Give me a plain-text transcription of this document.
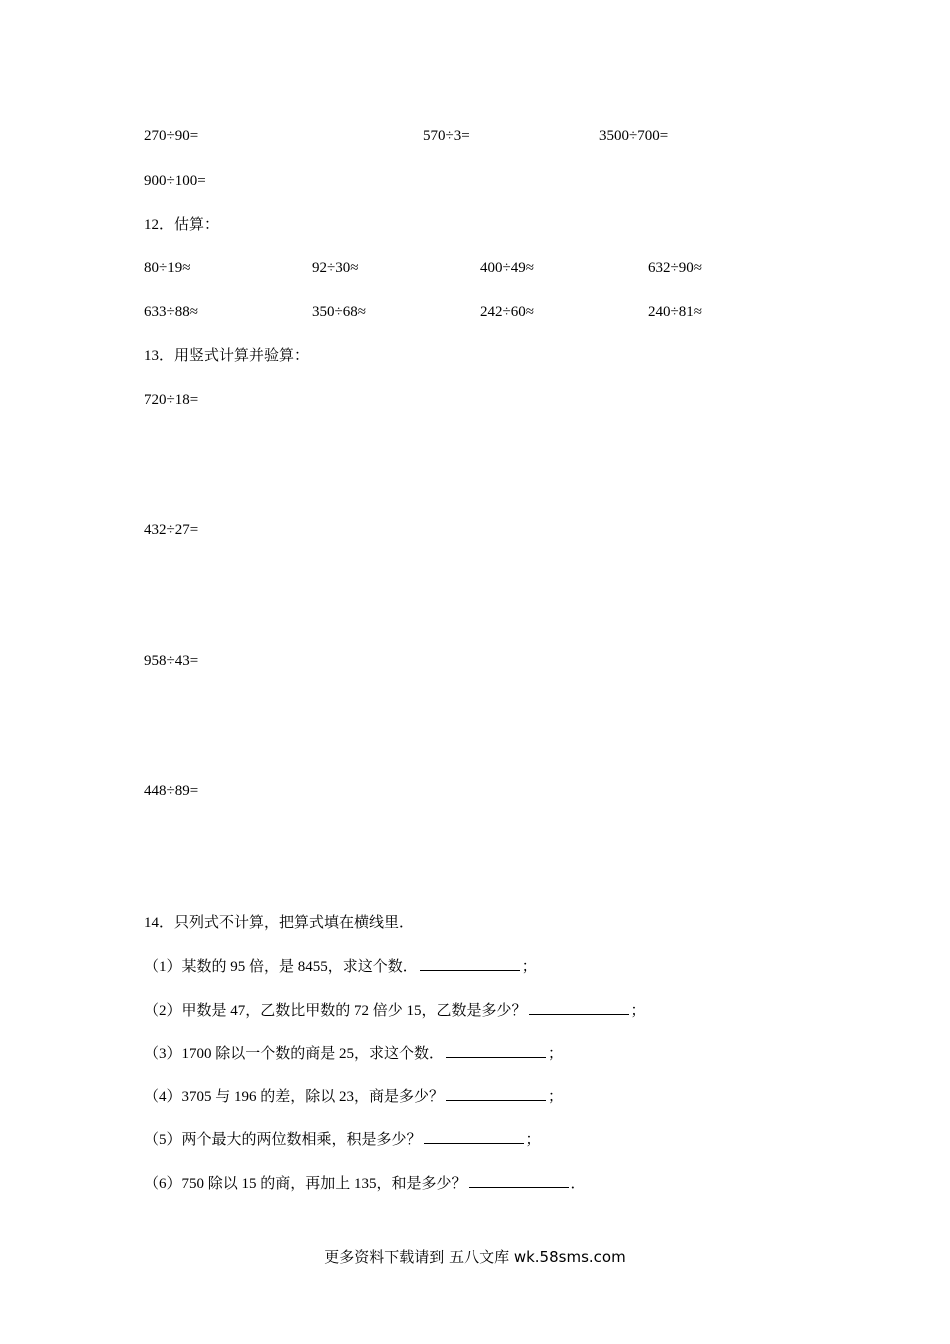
270÷90=	570÷3=	3500÷700=
900÷100=
12．估算：
80÷19≈	92÷30≈	400÷49≈	632÷90≈
633÷88≈	350÷68≈	242÷60≈	240÷81≈
13．用竖式计算并验算：
720÷18=
432÷27=
958÷43=
448÷89=
14．只列式不计算，把算式填在横线里．
（1）某数的 95 倍，是 8455，求这个数．	；
（2）甲数是 47，乙数比甲数的 72 倍少 15，乙数是多少？	；
（3）1700 除以一个数的商是 25，求这个数．	；
（4）3705 与 196 的差，除以 23，商是多少？	；
（5）两个最大的两位数相乘，积是多少？	；
（6）750 除以 15 的商，再加上 135，和是多少？	．
更多资料下载请到 五八文库 wk.58sms.com
